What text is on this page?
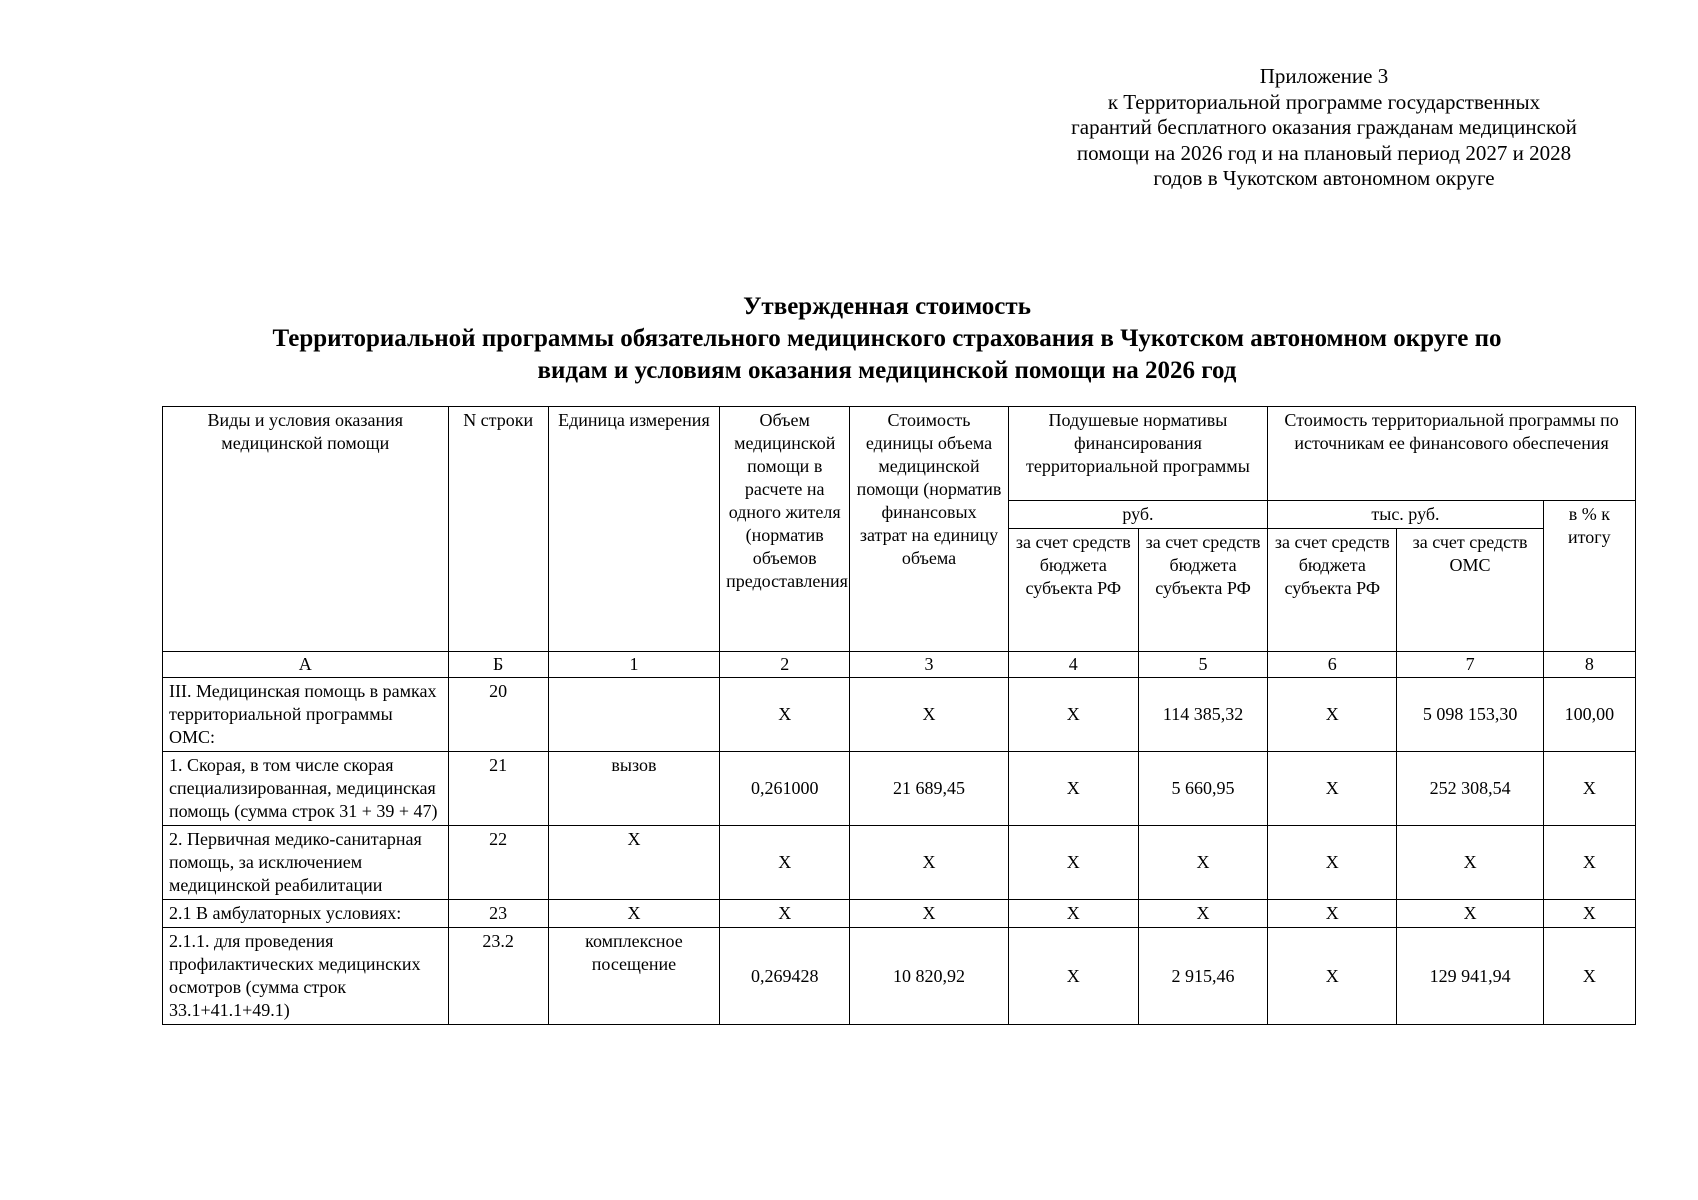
Приложение 3
к Территориальной программе государственных
гарантий бесплатного оказания гражданам медицинской
помощи на 2026 год и на плановый период 2027 и 2028
годов в Чукотском автономном округе
Утвержденная стоимость
Территориальной программы обязательного медицинского страхования в Чукотском автономном округе по
видам и условиям оказания медицинской помощи на 2026 год
Виды и условия оказания медицинской помощи	N строки	Единица измерения	Объем медицинской помощи в расчете на одного жителя (норматив объемов предоставления	Стоимость единицы объема медицинской помощи (норматив финансовых затрат на единицу объема	Подушевые нормативы финансирования территориальной программы		Стоимость территориальной программы по источникам ее финансового обеспечения		
					руб.		тыс. руб.		в % к итогу
					за счет средств бюджета субъекта РФ	за счет средств бюджета субъекта РФ	за счет средств бюджета субъекта РФ	за счет средств ОМС	
А	Б	1	2	3	4	5	6	7	8
III. Медицинская помощь в рамках территориальной программы ОМС:	20		X	X	X	114 385,32	X	5 098 153,30	100,00
1. Скорая, в том числе скорая специализированная, медицинская помощь (сумма строк 31 + 39 + 47)	21	вызов	0,261000	21 689,45	X	5 660,95	X	252 308,54	X
2. Первичная медико-санитарная помощь, за исключением медицинской реабилитации	22	X	X	X	X	X	X	X	X
2.1 В амбулаторных условиях:	23	X	X	X	X	X	X	X	X
2.1.1. для проведения профилактических медицинских осмотров (сумма строк 33.1+41.1+49.1)	23.2	комплексное посещение	0,269428	10 820,92	X	2 915,46	X	129 941,94	X
